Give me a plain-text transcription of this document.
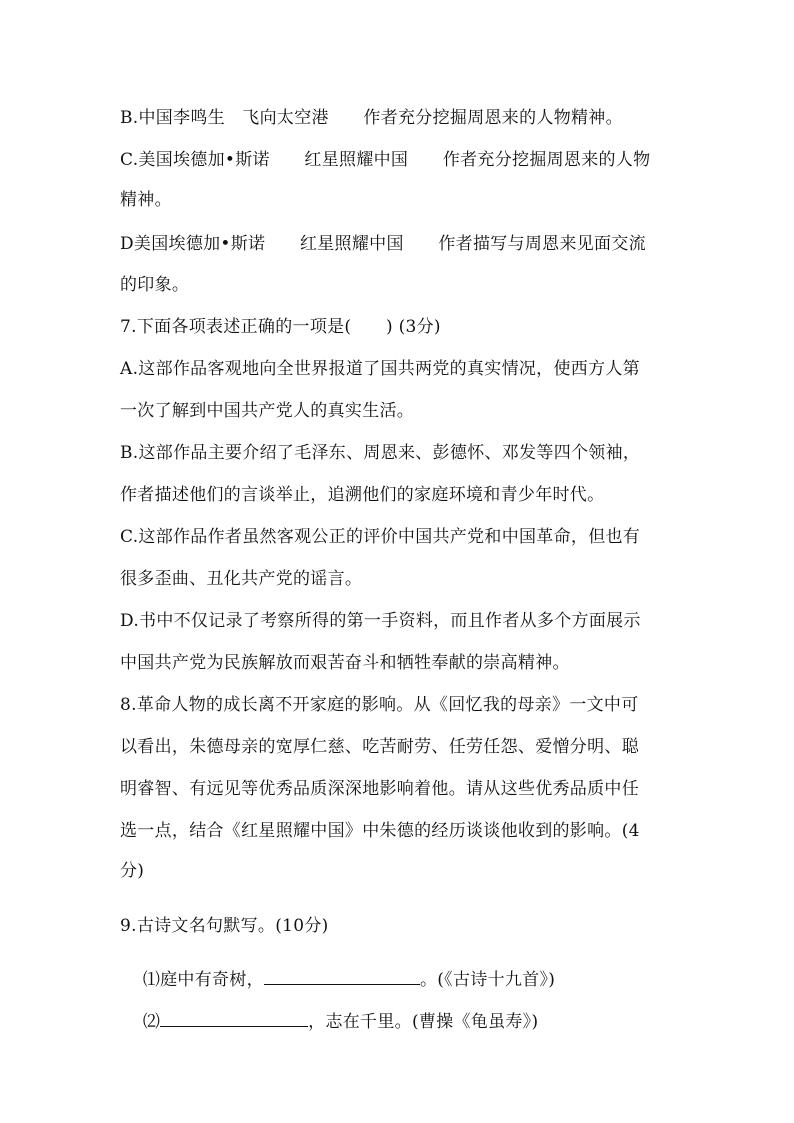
B.中国李鸣生　飞向太空港　　作者充分挖掘周恩来的人物精神。
C.美国埃德加•斯诺　　红星照耀中国　　作者充分挖掘周恩来的人物
精神。
D美国埃德加•斯诺　　红星照耀中国　　作者描写与周恩来见面交流
的印象。
7.下面各项表述正确的一项是(　　) (3分)
A.这部作品客观地向全世界报道了国共两党的真实情况，使西方人第
一次了解到中国共产党人的真实生活。
B.这部作品主要介绍了毛泽东、周恩来、彭德怀、邓发等四个领袖，
作者描述他们的言谈举止，追溯他们的家庭环境和青少年时代。
C.这部作品作者虽然客观公正的评价中国共产党和中国革命，但也有
很多歪曲、丑化共产党的谣言。
D.书中不仅记录了考察所得的第一手资料，而且作者从多个方面展示
中国共产党为民族解放而艰苦奋斗和牺牲奉献的崇高精神。
8.革命人物的成长离不开家庭的影响。从《回忆我的母亲》一文中可
以看出，朱德母亲的宽厚仁慈、吃苦耐劳、任劳任怨、爱憎分明、聪
明睿智、有远见等优秀品质深深地影响着他。请从这些优秀品质中任
选一点，结合《红星照耀中国》中朱德的经历谈谈他收到的影响。(4
分)
9.古诗文名句默写。(10分)

⑴庭中有奇树，	。(《古诗十九首》)

⑵	，志在千里。(曹操《龟虽寿》)
